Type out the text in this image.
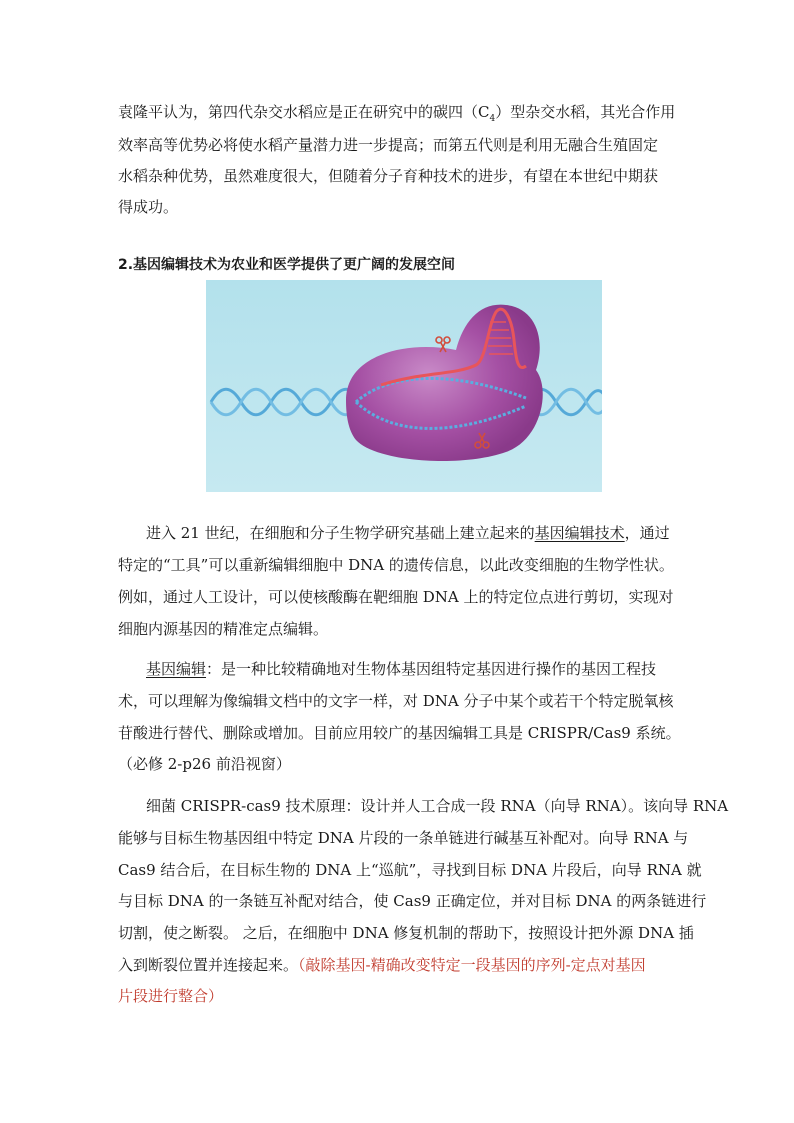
袁隆平认为，第四代杂交水稻应是正在研究中的碳四$(C_4)$型杂交水稻，其光合作用
效率高等优势必将使水稻产量潜力进一步提高；而第五代则是利用无融合生殖固定
水稻杂种优势，虽然难度很大，但随着分子育种技术的进步，有望在本世纪中期获
得成功。
2.基因编辑技术为农业和医学提供了更广阔的发展空间
进入 21 世纪，在细胞和分子生物学研究基础上建立起来的基因编辑技术，通过
特定的“工具”可以重新编辑细胞中 DNA 的遗传信息，以此改变细胞的生物学性状。
例如，通过人工设计，可以使核酸酶在靶细胞 DNA 上的特定位点进行剪切，实现对
细胞内源基因的精准定点编辑。
基因编辑：是一种比较精确地对生物体基因组特定基因进行操作的基因工程技
术，可以理解为像编辑文档中的文字一样，对 DNA 分子中某个或若干个特定脱氧核
苷酸进行替代、删除或增加。目前应用较广的基因编辑工具是 CRISPR/Cas9 系统。
（必修 2-p26 前沿视窗）
细菌 CRISPR-cas9 技术原理：设计并人工合成一段 RNA（向导 RNA）。该向导 RNA
能够与目标生物基因组中特定 DNA 片段的一条单链进行碱基互补配对。向导 RNA 与
Cas9 结合后，在目标生物的 DNA 上“巡航”，寻找到目标 DNA 片段后，向导 RNA 就
与目标 DNA 的一条链互补配对结合，使 Cas9 正确定位，并对目标 DNA 的两条链进行
切割，使之断裂。 之后，在细胞中 DNA 修复机制的帮助下，按照设计把外源 DNA 插
入到断裂位置并连接起来。（敲除基因-精确改变特定一段基因的序列-定点对基因
片段进行整合）
